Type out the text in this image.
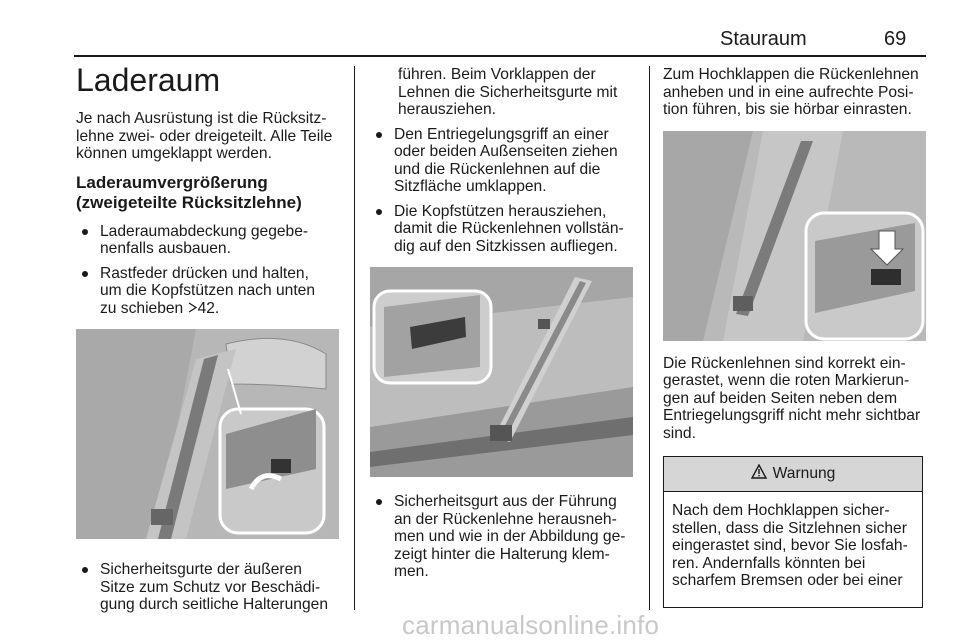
Stauraum	69
Laderaum

Je nach Ausrüstung ist die Rücksitz-
lehne zwei- oder dreigeteilt. Alle Teile
können umgeklappt werden.

Laderaumvergrößerung
(zweigeteilte Rücksitzlehne)
Laderaumabdeckung gegebe-
nenfalls ausbauen.
Rastfeder drücken und halten,
um die Kopfstützen nach unten
zu schieben 42.
Sicherheitsgurte der äußeren
Sitze zum Schutz vor Beschädi-
gung durch seitliche Halterungen

führen. Beim Vorklappen der
Lehnen die Sicherheitsgurte mit
herausziehen.

Den Entriegelungsgriff an einer
oder beiden Außenseiten ziehen
und die Rückenlehnen auf die
Sitzfläche umklappen.
Die Kopfstützen herausziehen,
damit die Rückenlehnen vollstän-
dig auf den Sitzkissen aufliegen.
Sicherheitsgurt aus der Führung
an der Rückenlehne herausneh-
men und wie in der Abbildung ge-
zeigt hinter die Halterung klem-
men.

Zum Hochklappen die Rückenlehnen
anheben und in eine aufrechte Posi-
tion führen, bis sie hörbar einrasten.

Die Rückenlehnen sind korrekt ein-
gerastet, wenn die roten Markierun-
gen auf beiden Seiten neben dem
Entriegelungsgriff nicht mehr sichtbar
sind.

Warnung
Nach dem Hochklappen sicher-
stellen, dass die Sitzlehnen sicher
eingerastet sind, bevor Sie losfah-
ren. Andernfalls könnten bei
scharfem Bremsen oder bei einer
carmanualsonline.info
